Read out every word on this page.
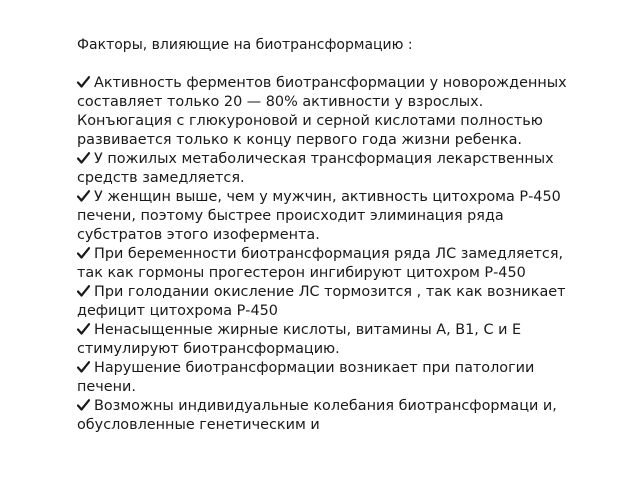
Факторы, влияющие на биотрансформацию :

Активность ферментов биотрансформации у новорожденных составляет только 20 — 80% активности у взрослых. Конъюгация с глюкуроновой и серной кислотами полностью развивается только к концу первого года жизни ребенка.
У пожилых метаболическая трансформация лекарственных средств замедляется.
У женщин выше, чем у мужчин, активность цитохрома Р-450 печени, поэтому быстрее происходит элиминация ряда субстратов этого изофермента.
При беременности биотрансформация ряда ЛС замедляется, так как гормоны прогестерон ингибируют цитохром Р-450
При голодании окисление ЛС тормозится , так как возникает дефицит цитохрома Р-450
Ненасыщенные жирные кислоты, витамины А, В1, С и Е стимулируют биотрансформацию.
Нарушение биотрансформации возникает при патологии печени.
Возможны индивидуальные колебания биотрансформаци и, обусловленные генетическим и
